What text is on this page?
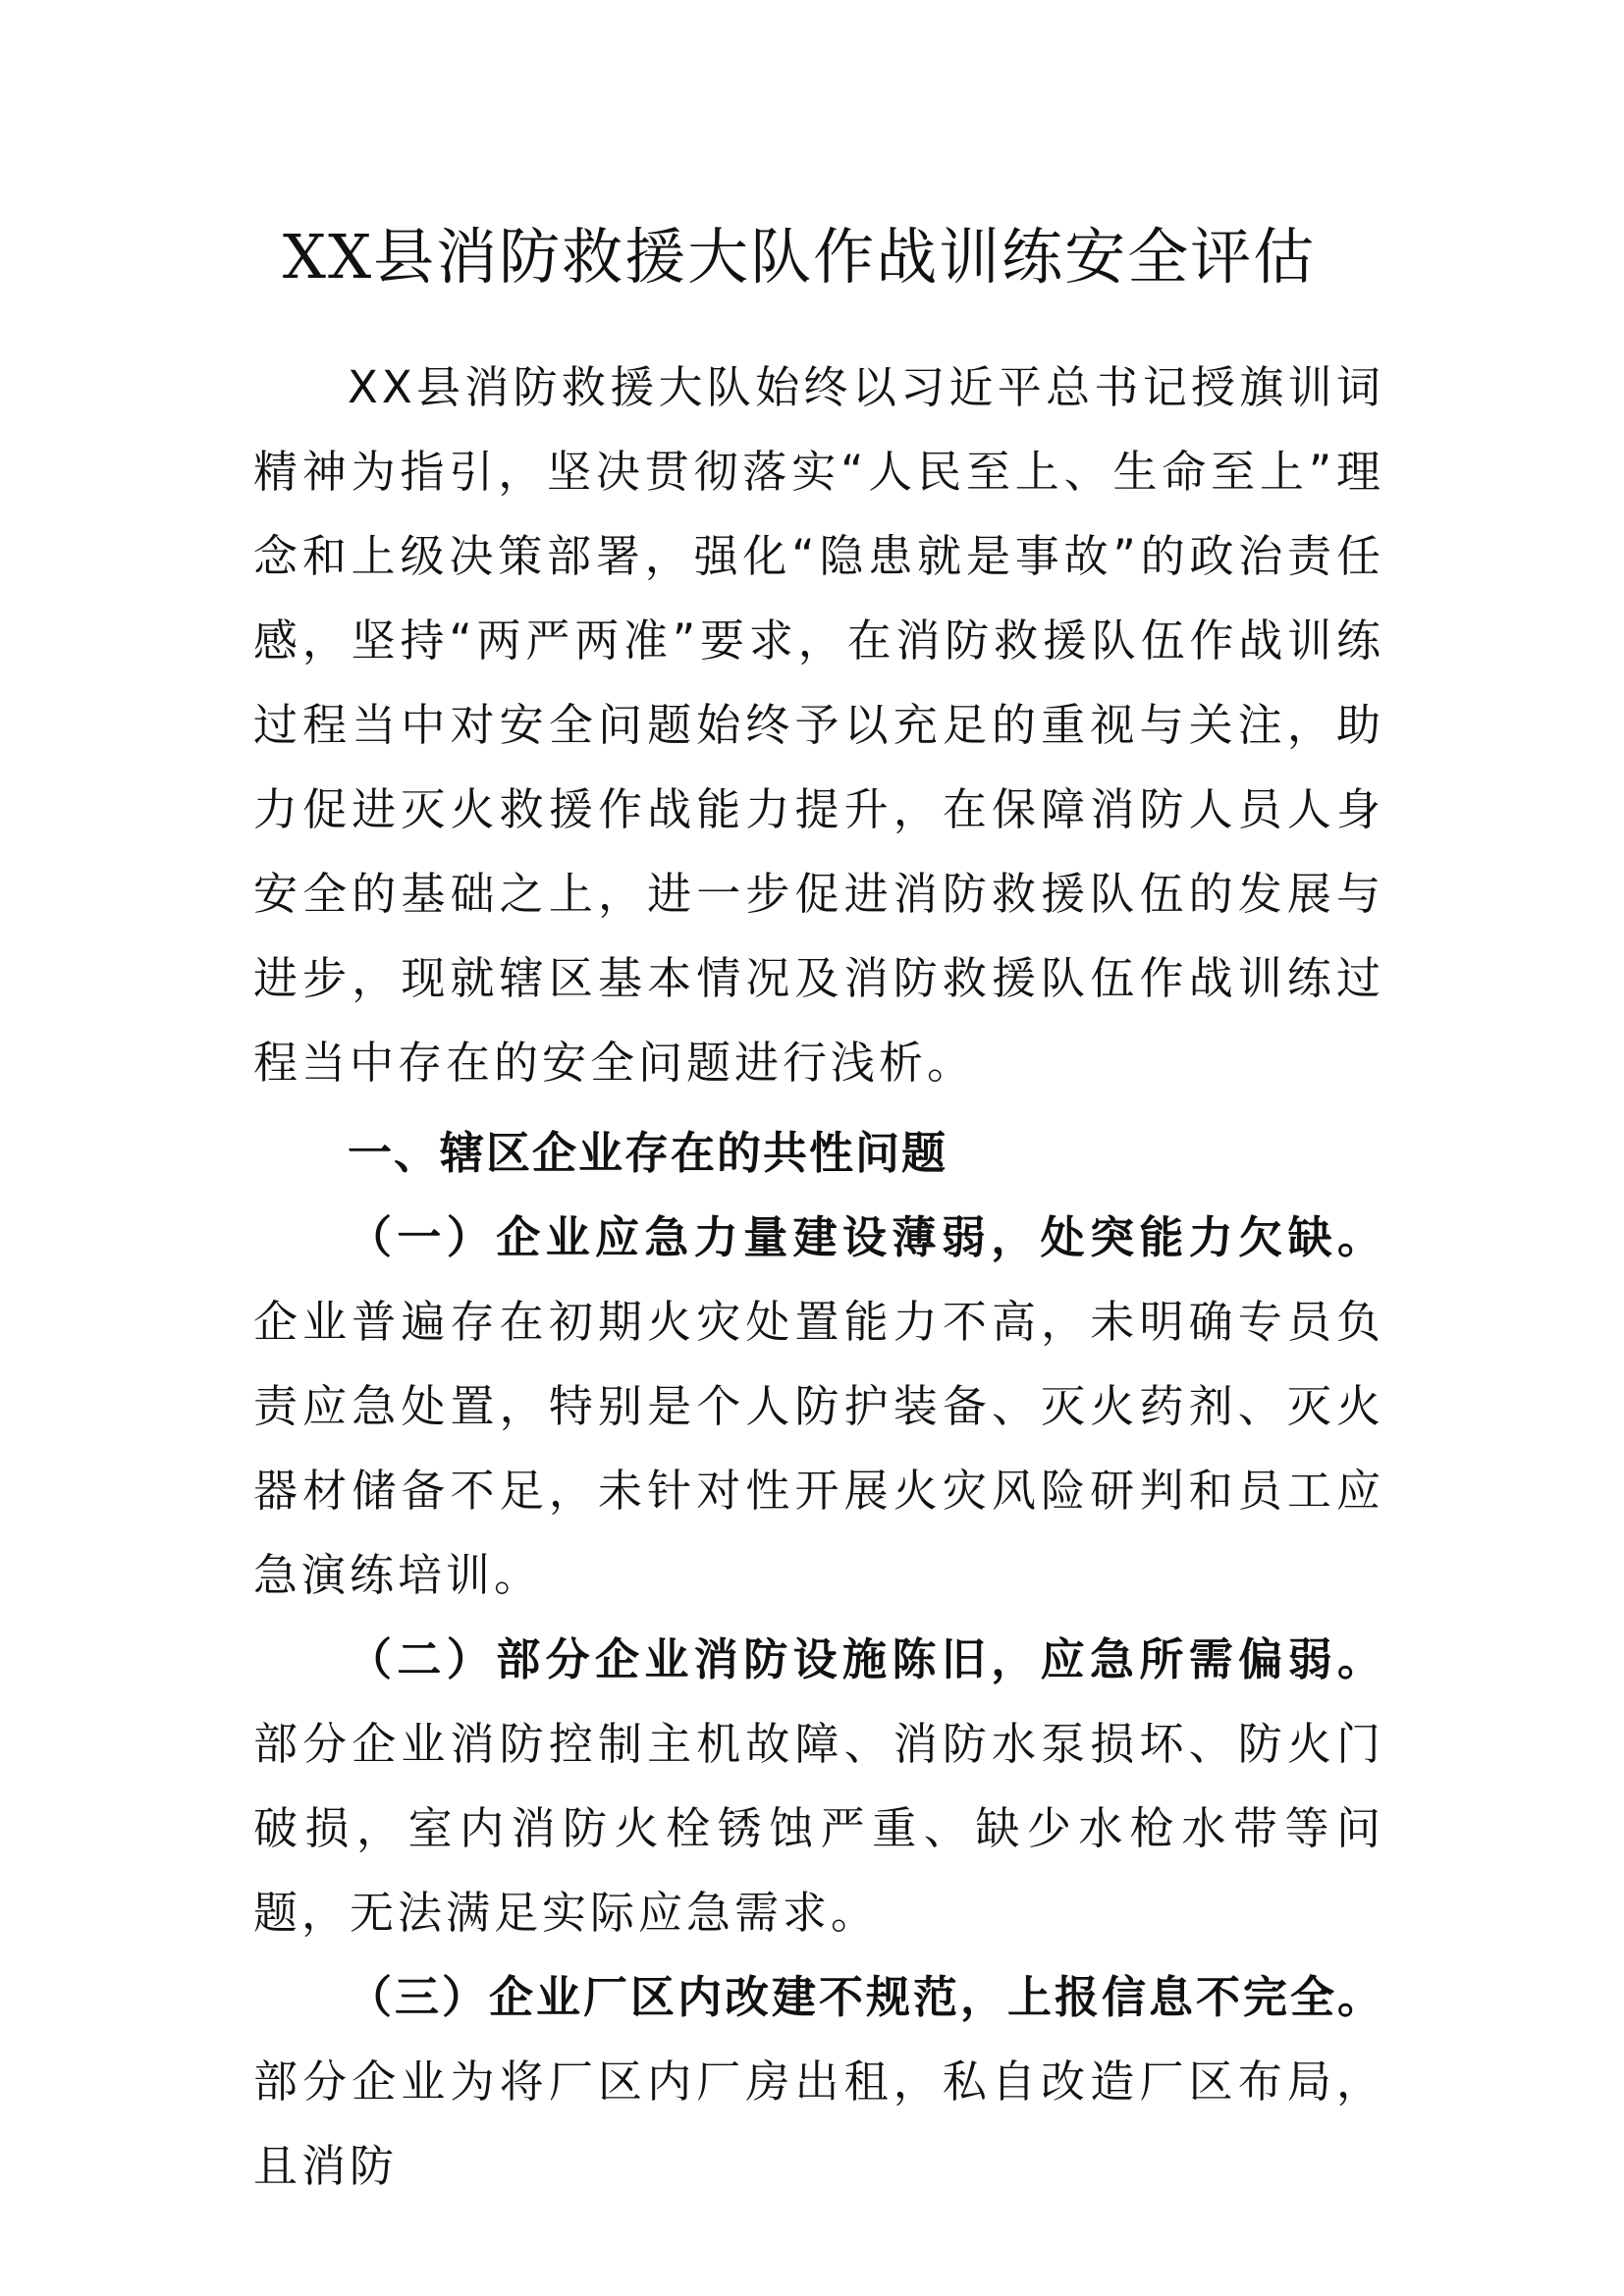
XX县消防救援大队作战训练安全评估

XX县消防救援大队始终以习近平总书记授旗训词精神为指引，坚决贯彻落实“人民至上、生命至上”理念和上级决策部署，强化“隐患就是事故”的政治责任感，坚持“两严两准”要求，在消防救援队伍作战训练过程当中对安全问题始终予以充足的重视与关注，助力促进灭火救援作战能力提升，在保障消防人员人身安全的基础之上，进一步促进消防救援队伍的发展与进步，现就辖区基本情况及消防救援队伍作战训练过程当中存在的安全问题进行浅析。

一、辖区企业存在的共性问题

（一）企业应急力量建设薄弱，处突能力欠缺。企业普遍存在初期火灾处置能力不高，未明确专员负责应急处置，特别是个人防护装备、灭火药剂、灭火器材储备不足，未针对性开展火灾风险研判和员工应急演练培训。

（二）部分企业消防设施陈旧，应急所需偏弱。部分企业消防控制主机故障、消防水泵损坏、防火门破损，室内消防火栓锈蚀严重、缺少水枪水带等问题，无法满足实际应急需求。

（三）企业厂区内改建不规范，上报信息不完全。部分企业为将厂区内厂房出租，私自改造厂区布局，且消防
